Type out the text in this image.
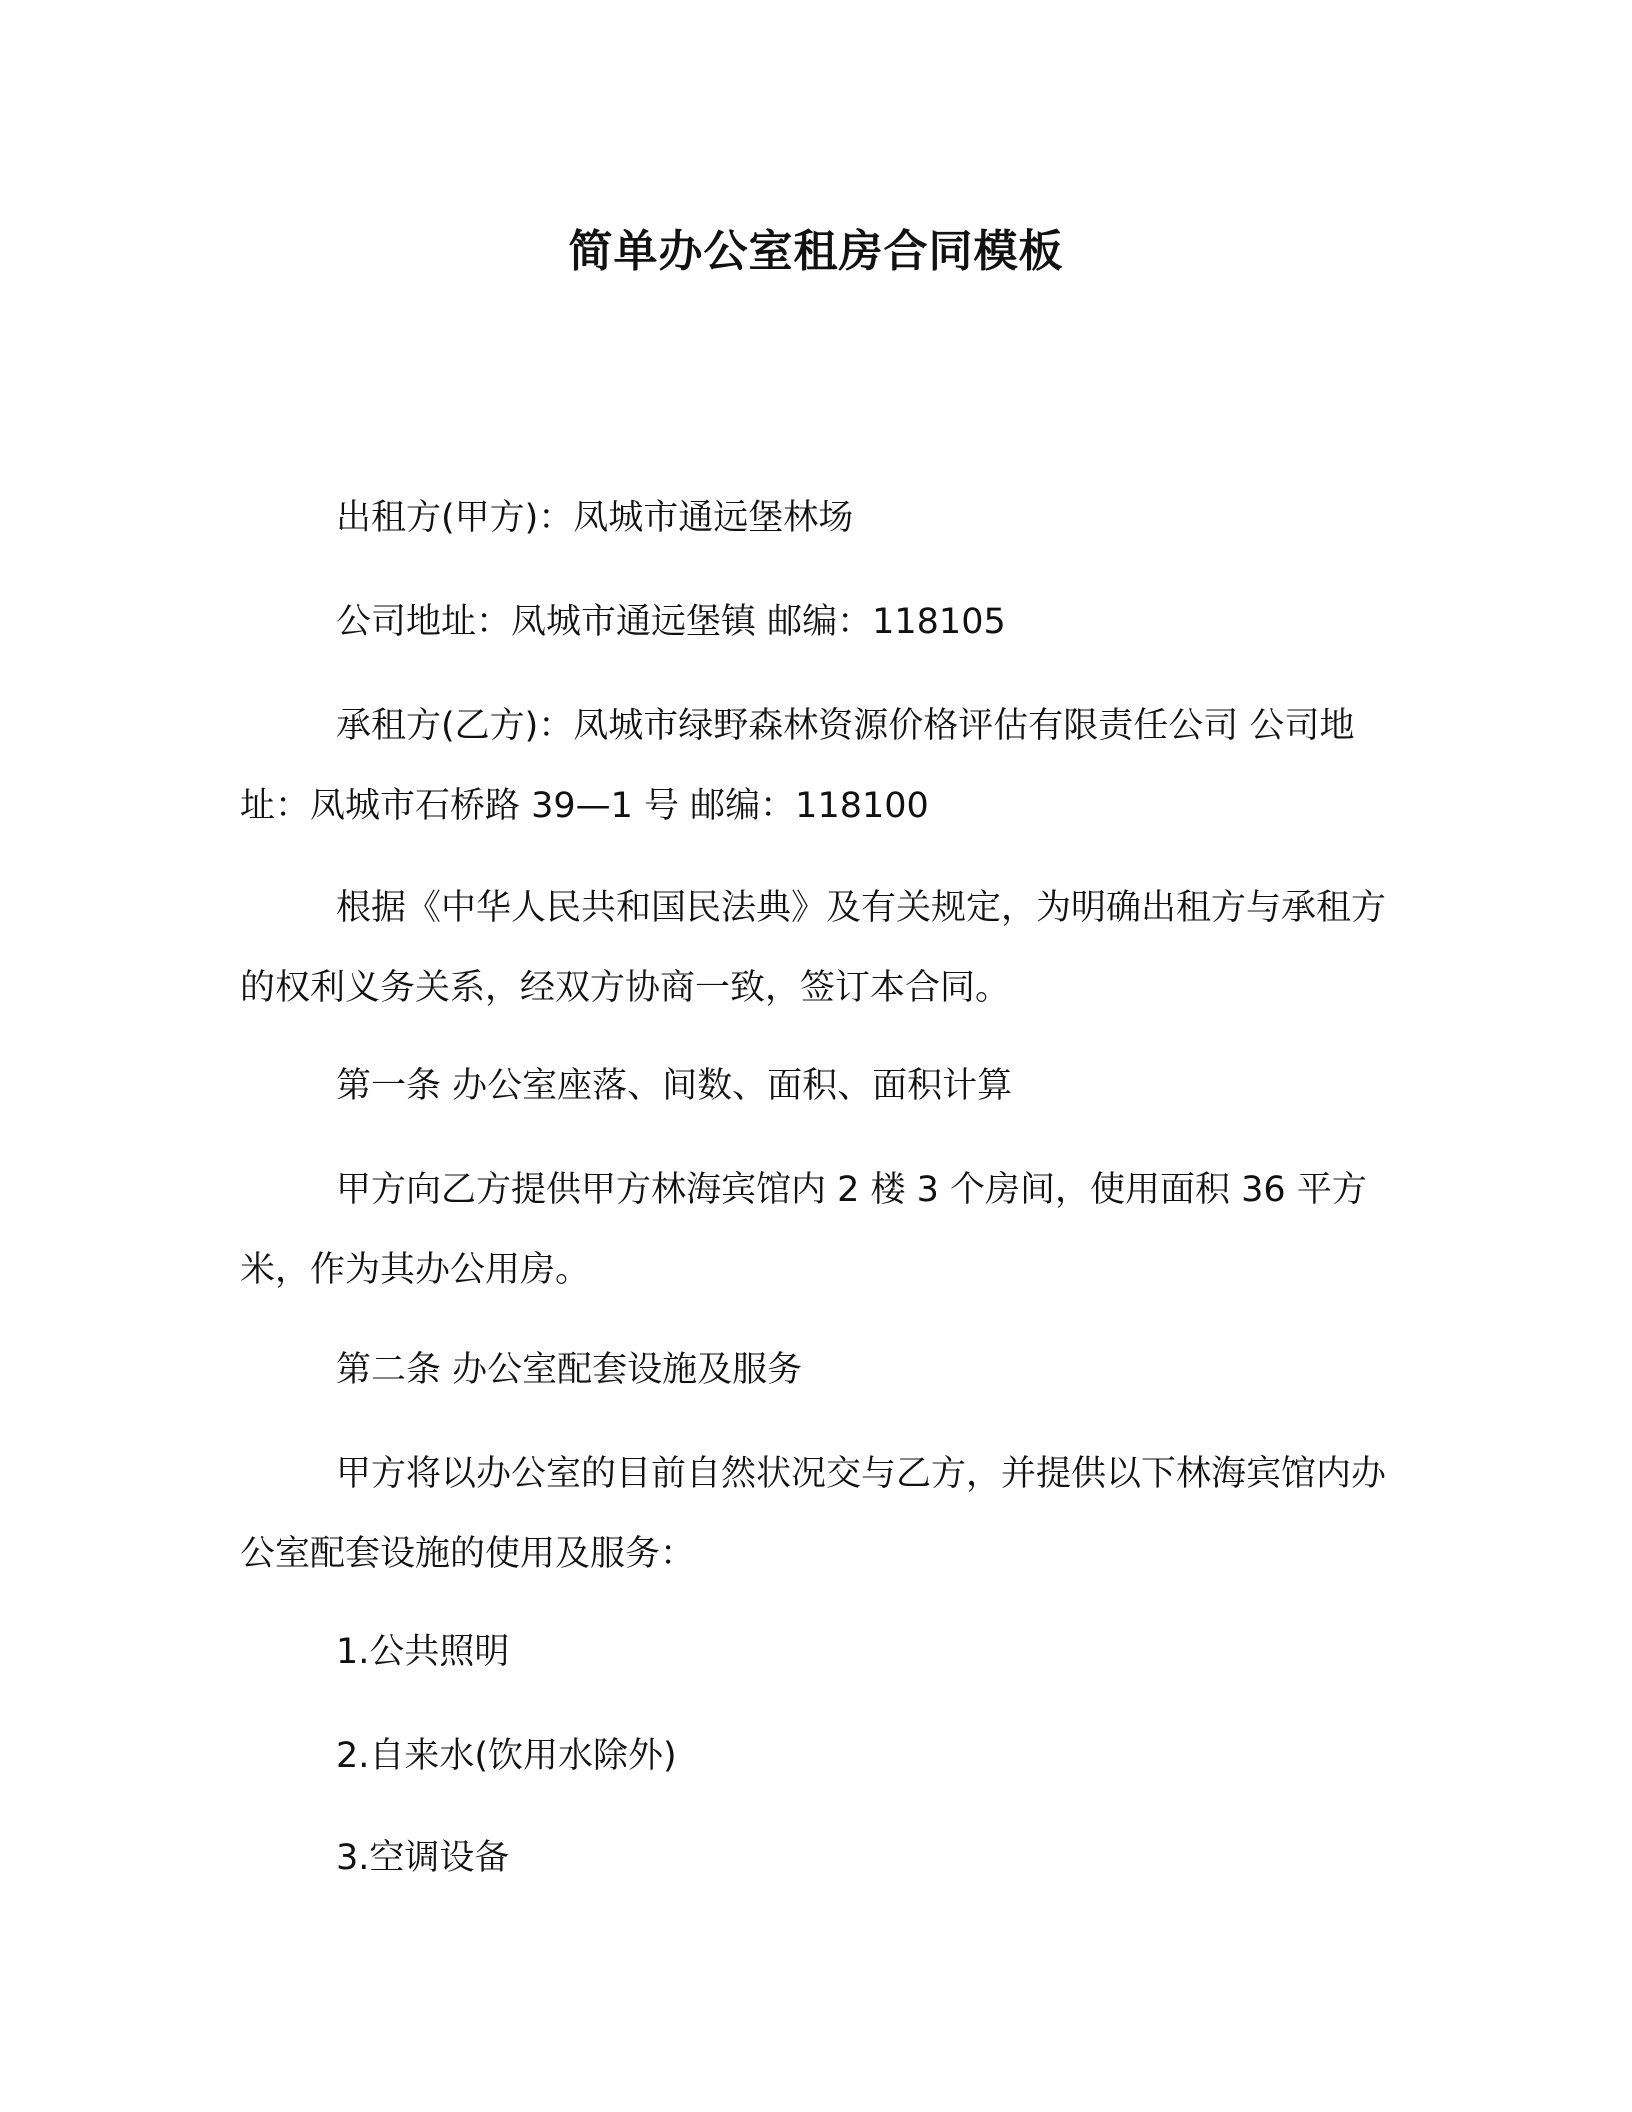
简单办公室租房合同模板

出租方(甲方)：凤城市通远堡林场

公司地址：凤城市通远堡镇 邮编：118105

承租方(乙方)：凤城市绿野森林资源价格评估有限责任公司 公司地址：凤城市石桥路 39—1 号 邮编：118100

根据《中华人民共和国民法典》及有关规定，为明确出租方与承租方的权利义务关系，经双方协商一致，签订本合同。

第一条 办公室座落、间数、面积、面积计算

甲方向乙方提供甲方林海宾馆内 2 楼 3 个房间，使用面积 36 平方米，作为其办公用房。

第二条 办公室配套设施及服务

甲方将以办公室的目前自然状况交与乙方，并提供以下林海宾馆内办公室配套设施的使用及服务：

1.公共照明

2.自来水(饮用水除外)

3.空调设备
